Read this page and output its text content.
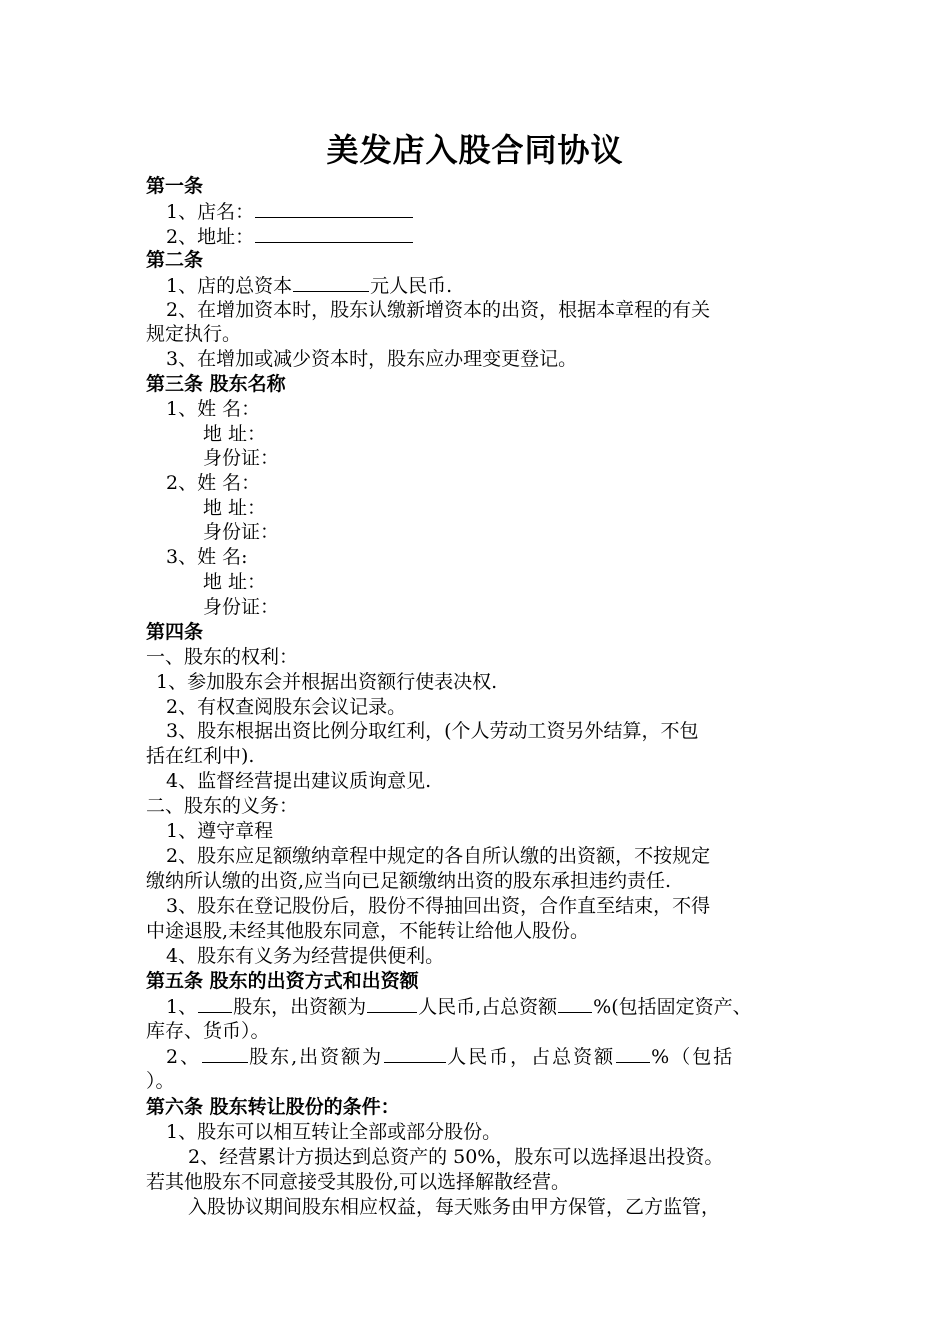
美发店入股合同协议
第一条
1、店名：
2、地址：
第二条
1、店的总资本	元人民币.
2、在增加资本时，股东认缴新增资本的出资，根据本章程的有关
规定执行。
3、在增加或减少资本时，股东应办理变更登记。
第三条 股东名称
1、姓 名：
地 址：
身份证：
2、姓 名：
地 址：
身份证：
3、姓 名:
地 址：
身份证：
第四条
一、股东的权利：
1、参加股东会并根据出资额行使表决权.
2、有权查阅股东会议记录。
3、股东根据出资比例分取红利，(个人劳动工资另外结算，不包
括在红利中).
4、监督经营提出建议质询意见.
二、股东的义务：
1、遵守章程
2、股东应足额缴纳章程中规定的各自所认缴的出资额，不按规定
缴纳所认缴的出资,应当向已足额缴纳出资的股东承担违约责任.
3、股东在登记股份后，股份不得抽回出资，合作直至结束，不得
中途退股,未经其他股东同意，不能转让给他人股份。
4、股东有义务为经营提供便利。
第五条 股东的出资方式和出资额
1、 股东，出资额为	人民币,占总资额 %(包括固定资产、
库存、货币）。
2、	股东,出资额为	人民币，占总资额 %（包括
）。
第六条 股东转让股份的条件：
1、股东可以相互转让全部或部分股份。
2、经营累计方损达到总资产的 50%，股东可以选择退出投资。
若其他股东不同意接受其股份,可以选择解散经营。
入股协议期间股东相应权益，每天账务由甲方保管，乙方监管，
